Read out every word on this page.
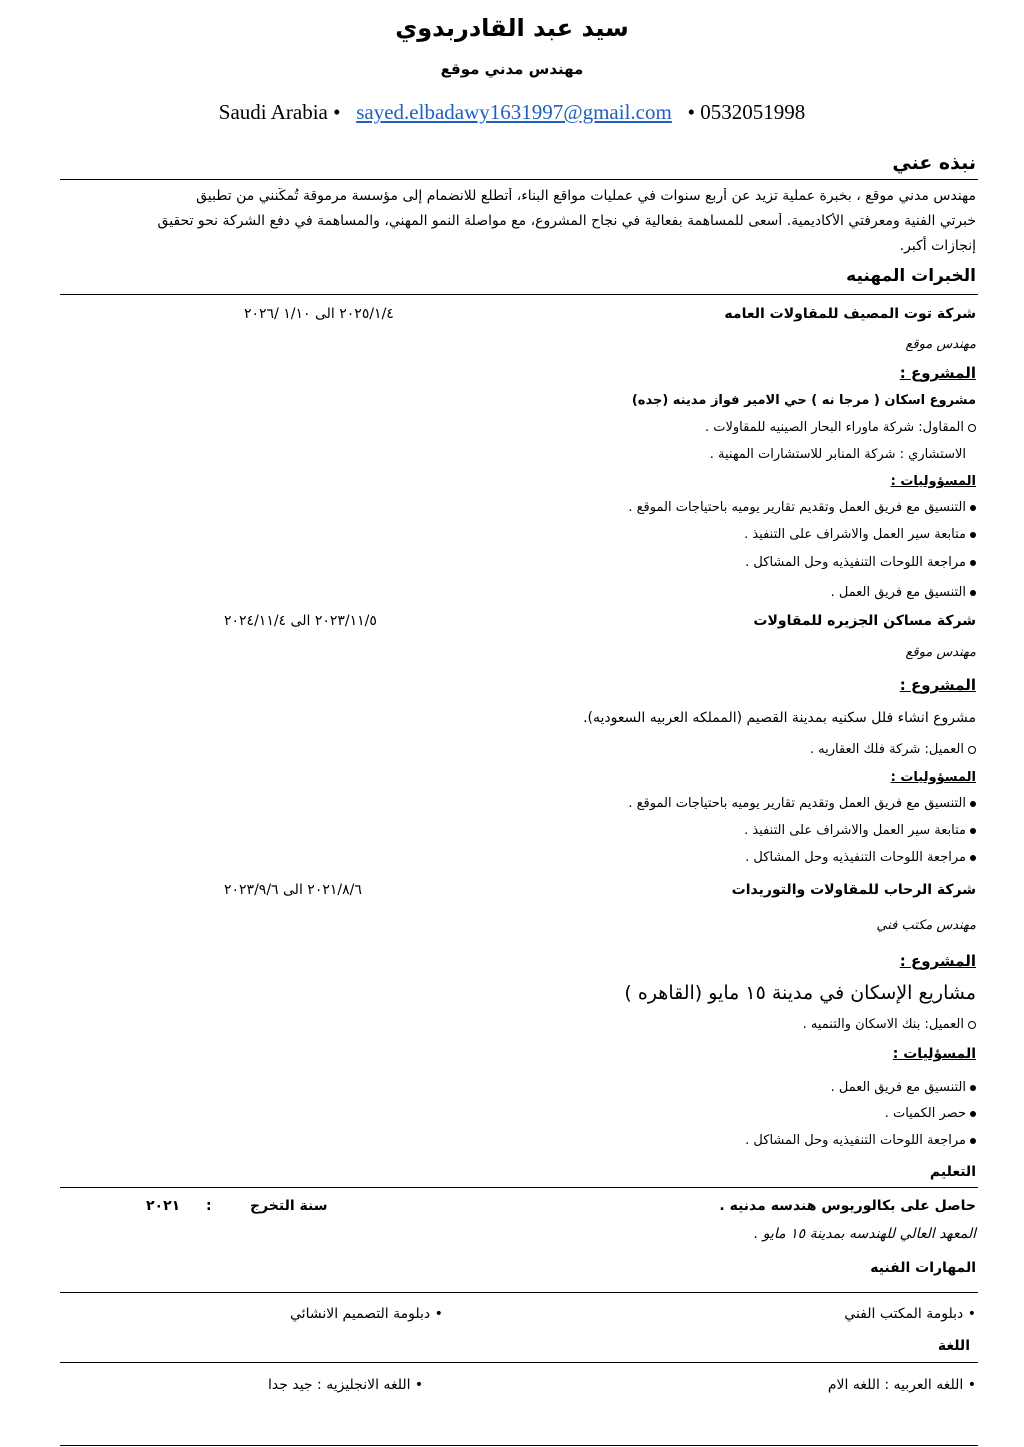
سيد عبد القادربدوي
مهندس مدني موقع
Saudi Arabia • sayed.elbadawy1631997@gmail.com • 0532051998
نبذه عني
مهندس مدني موقع ، بخبرة عملية تزيد عن أربع سنوات في عمليات مواقع البناء، أتطلع للانضمام إلى مؤسسة مرموقة تُمكّنني من تطبيق
خبرتي الفنية ومعرفتي الأكاديمية. أسعى للمساهمة بفعالية في نجاح المشروع، مع مواصلة النمو المهني، والمساهمة في دفع الشركة نحو تحقيق
إنجازات أكبر.
الخبرات المهنيه
شركة توت المصيف للمقاولات العامه
٢٠٢٥/١/٤ الى ١/١٠ /٢٠٢٦
مهندس موقع
المشروع :
مشروع اسكان ( مرجا نه ) حي الامير فواز مدينه (جده)
المقاول: شركة ماوراء البحار الصينيه للمقاولات .
الاستشاري : شركة المنابر للاستشارات المهنية .
المسؤوليات :
التنسيق مع فريق العمل وتقديم تقارير يوميه باحتياجات الموقع .
متابعة سير العمل والاشراف على التنفيذ .
مراجعة اللوحات التنفيذيه وحل المشاكل .
التنسيق مع فريق العمل .
شركة مساكن الجزيره للمقاولات
٢٠٢٣/١١/٥ الى ٢٠٢٤/١١/٤
مهندس موقع
المشروع :
مشروع انشاء فلل سكنيه بمدينة القصيم (المملكه العربيه السعوديه).
العميل: شركة فلك العقاريه .
المسؤوليات :
التنسيق مع فريق العمل وتقديم تقارير يوميه باحتياجات الموقع .
متابعة سير العمل والاشراف على التنفيذ .
مراجعة اللوحات التنفيذيه وحل المشاكل .
شركة الرحاب للمقاولات والتوريدات
٢٠٢١/٨/٦ الى ٢٠٢٣/٩/٦
مهندس مكتب فني
المشروع :
مشاريع الإسكان في مدينة ١٥ مايو (القاهره )
العميل: بنك الاسكان والتنميه .
المسؤليات :
التنسيق مع فريق العمل .
حصر الكميات .
مراجعة اللوحات التنفيذيه وحل المشاكل .
التعليم
حاصل على بكالوريوس هندسه مدنيه .
سنة التخرج
:
٢٠٢١
المعهد العالي للهندسه بمدينة ١٥ مايو .
المهارات الفنيه
• دبلومة المكتب الفني
• دبلومة التصميم الانشائي
اللغة
• اللغه العربيه : اللغه الام
• اللغه الانجليزيه : جيد جدا
